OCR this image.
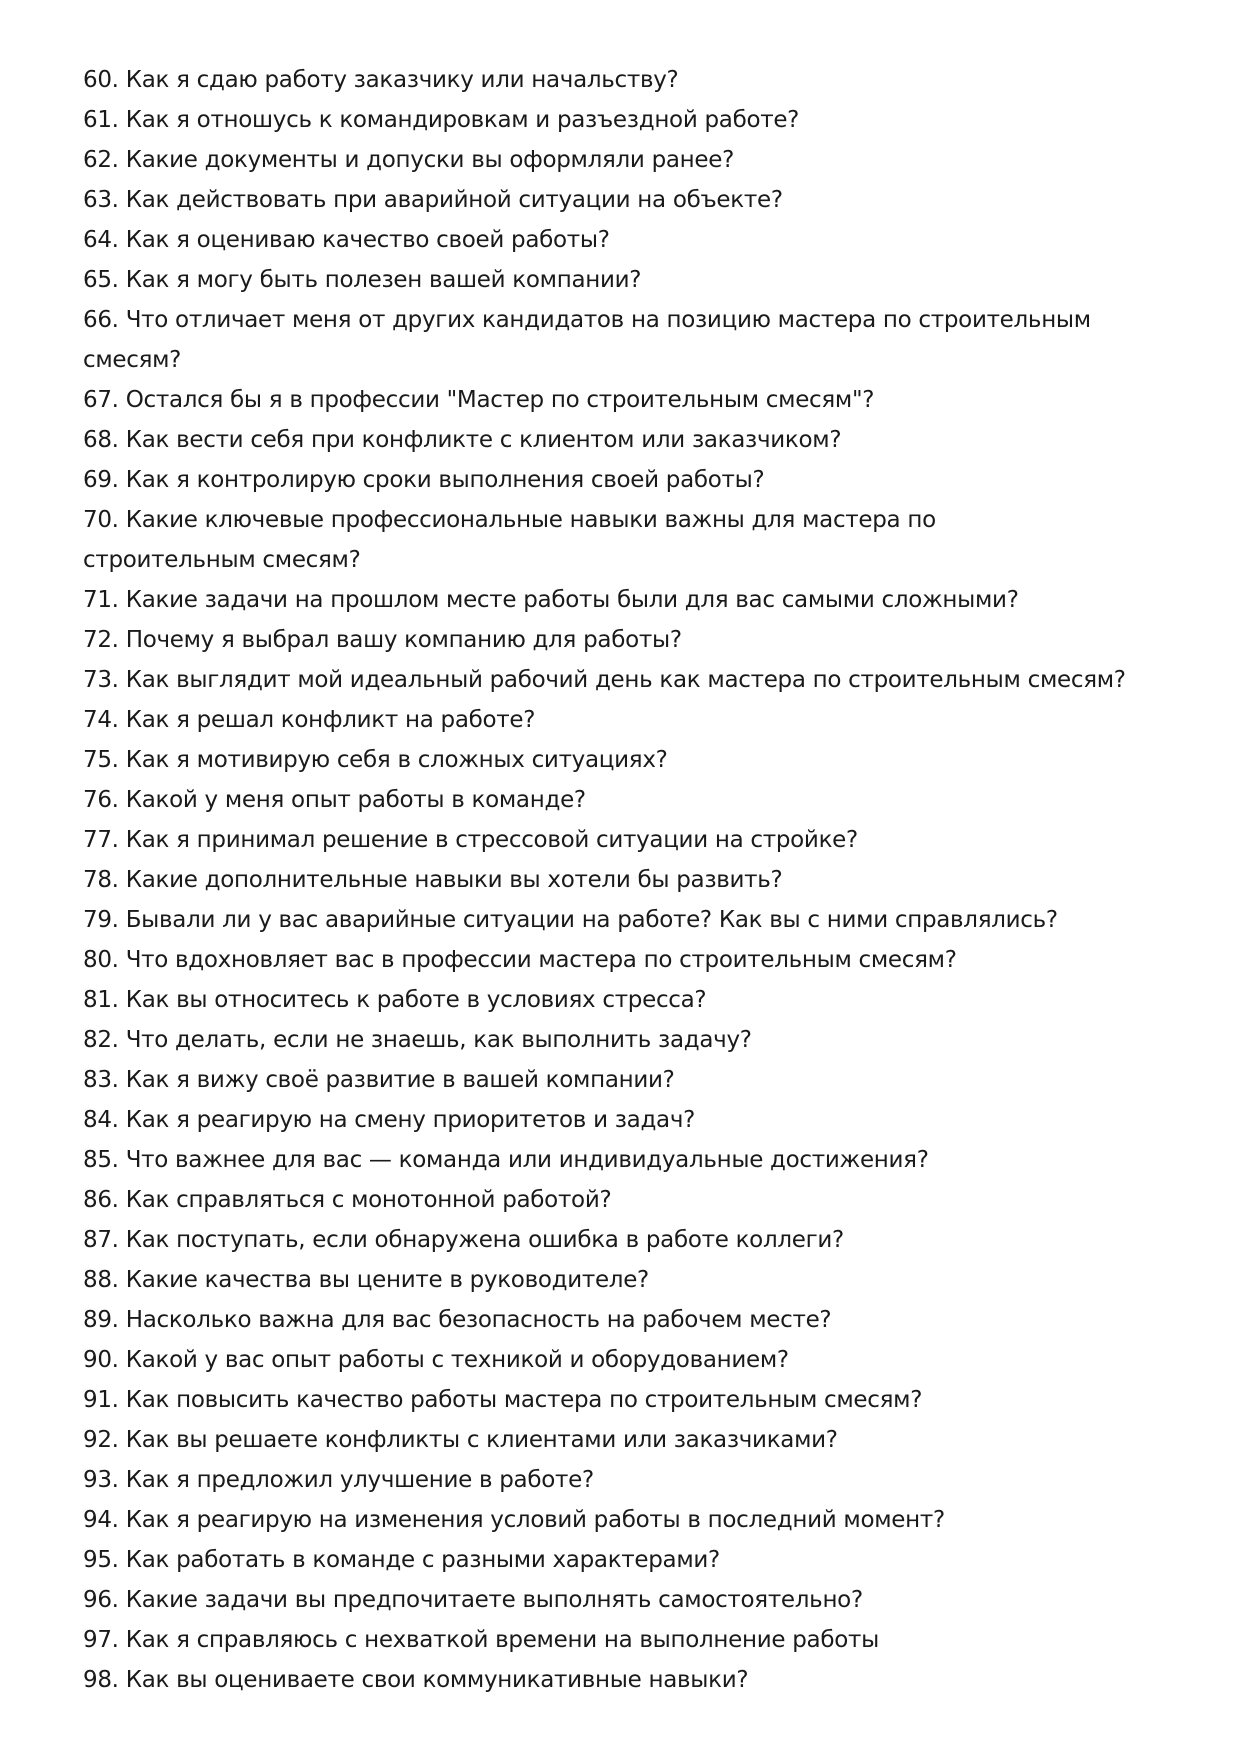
60. Как я сдаю работу заказчику или начальству?
61. Как я отношусь к командировкам и разъездной работе?
62. Какие документы и допуски вы оформляли ранее?
63. Как действовать при аварийной ситуации на объекте?
64. Как я оцениваю качество своей работы?
65. Как я могу быть полезен вашей компании?
66. Что отличает меня от других кандидатов на позицию мастера по строительным смесям?
67. Остался бы я в профессии "Мастер по строительным смесям"?
68. Как вести себя при конфликте с клиентом или заказчиком?
69. Как я контролирую сроки выполнения своей работы?
70. Какие ключевые профессиональные навыки важны для мастера по строительным смесям?
71. Какие задачи на прошлом месте работы были для вас самыми сложными?
72. Почему я выбрал вашу компанию для работы?
73. Как выглядит мой идеальный рабочий день как мастера по строительным смесям?
74. Как я решал конфликт на работе?
75. Как я мотивирую себя в сложных ситуациях?
76. Какой у меня опыт работы в команде?
77. Как я принимал решение в стрессовой ситуации на стройке?
78. Какие дополнительные навыки вы хотели бы развить?
79. Бывали ли у вас аварийные ситуации на работе? Как вы с ними справлялись?
80. Что вдохновляет вас в профессии мастера по строительным смесям?
81. Как вы относитесь к работе в условиях стресса?
82. Что делать, если не знаешь, как выполнить задачу?
83. Как я вижу своё развитие в вашей компании?
84. Как я реагирую на смену приоритетов и задач?
85. Что важнее для вас — команда или индивидуальные достижения?
86. Как справляться с монотонной работой?
87. Как поступать, если обнаружена ошибка в работе коллеги?
88. Какие качества вы цените в руководителе?
89. Насколько важна для вас безопасность на рабочем месте?
90. Какой у вас опыт работы с техникой и оборудованием?
91. Как повысить качество работы мастера по строительным смесям?
92. Как вы решаете конфликты с клиентами или заказчиками?
93. Как я предложил улучшение в работе?
94. Как я реагирую на изменения условий работы в последний момент?
95. Как работать в команде с разными характерами?
96. Какие задачи вы предпочитаете выполнять самостоятельно?
97. Как я справляюсь с нехваткой времени на выполнение работы
98. Как вы оцениваете свои коммуникативные навыки?
